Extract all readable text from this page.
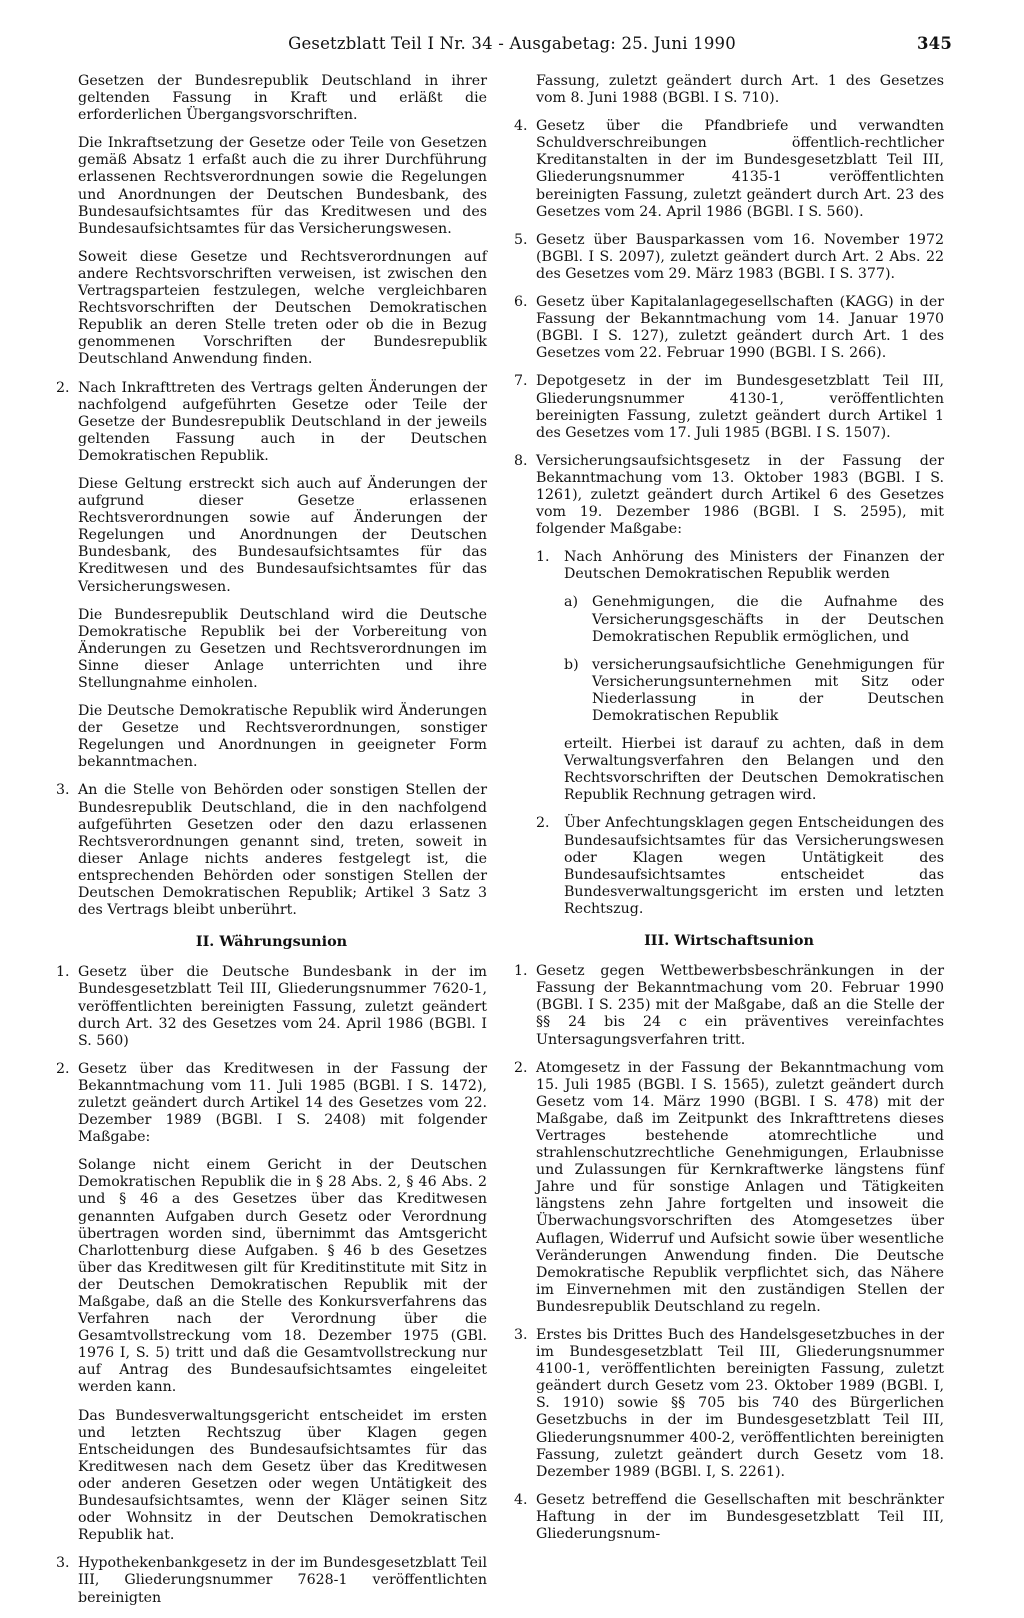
Gesetzblatt Teil I Nr. 34 - Ausgabetag: 25. Juni 1990	345

Gesetzen der Bundesrepublik Deutschland in ihrer geltenden Fassung in Kraft und erläßt die erforderlichen Übergangsvorschriften.

Die Inkraftsetzung der Gesetze oder Teile von Gesetzen gemäß Absatz 1 erfaßt auch die zu ihrer Durchführung erlassenen Rechtsverordnungen sowie die Regelungen und Anordnungen der Deutschen Bundesbank, des Bundesaufsichtsamtes für das Kreditwesen und des Bundesaufsichtsamtes für das Versicherungswesen.

Soweit diese Gesetze und Rechtsverordnungen auf andere Rechtsvorschriften verweisen, ist zwischen den Vertragsparteien festzulegen, welche vergleichbaren Rechtsvorschriften der Deutschen Demokratischen Republik an deren Stelle treten oder ob die in Bezug genommenen Vorschriften der Bundesrepublik Deutschland Anwendung finden.

2. Nach Inkrafttreten des Vertrags gelten Änderungen der nachfolgend aufgeführten Gesetze oder Teile der Gesetze der Bundesrepublik Deutschland in der jeweils geltenden Fassung auch in der Deutschen Demokratischen Republik.

Diese Geltung erstreckt sich auch auf Änderungen der aufgrund dieser Gesetze erlassenen Rechtsverordnungen sowie auf Änderungen der Regelungen und Anordnungen der Deutschen Bundesbank, des Bundesaufsichtsamtes für das Kreditwesen und des Bundesaufsichtsamtes für das Versicherungswesen.

Die Bundesrepublik Deutschland wird die Deutsche Demokratische Republik bei der Vorbereitung von Änderungen zu Gesetzen und Rechtsverordnungen im Sinne dieser Anlage unterrichten und ihre Stellungnahme einholen.

Die Deutsche Demokratische Republik wird Änderungen der Gesetze und Rechtsverordnungen, sonstiger Regelungen und Anordnungen in geeigneter Form bekanntmachen.

3. An die Stelle von Behörden oder sonstigen Stellen der Bundesrepublik Deutschland, die in den nachfolgend aufgeführten Gesetzen oder den dazu erlassenen Rechtsverordnungen genannt sind, treten, soweit in dieser Anlage nichts anderes festgelegt ist, die entsprechenden Behörden oder sonstigen Stellen der Deutschen Demokratischen Republik; Artikel 3 Satz 3 des Vertrags bleibt unberührt.

II. Währungsunion
1. Gesetz über die Deutsche Bundesbank in der im Bundesgesetzblatt Teil III, Gliederungsnummer 7620-1, veröffentlichten bereinigten Fassung, zuletzt geändert durch Art. 32 des Gesetzes vom 24. April 1986 (BGBl. I S. 560)

2. Gesetz über das Kreditwesen in der Fassung der Bekanntmachung vom 11. Juli 1985 (BGBl. I S. 1472), zuletzt geändert durch Artikel 14 des Gesetzes vom 22. Dezember 1989 (BGBl. I S. 2408) mit folgender Maßgabe:

Solange nicht einem Gericht in der Deutschen Demokratischen Republik die in § 28 Abs. 2, § 46 Abs. 2 und § 46 a des Gesetzes über das Kreditwesen genannten Aufgaben durch Gesetz oder Verordnung übertragen worden sind, übernimmt das Amtsgericht Charlottenburg diese Aufgaben. § 46 b des Gesetzes über das Kreditwesen gilt für Kreditinstitute mit Sitz in der Deutschen Demokratischen Republik mit der Maßgabe, daß an die Stelle des Konkursverfahrens das Verfahren nach der Verordnung über die Gesamtvollstreckung vom 18. Dezember 1975 (GBl. 1976 I, S. 5) tritt und daß die Gesamtvollstreckung nur auf Antrag des Bundesaufsichtsamtes eingeleitet werden kann.

Das Bundesverwaltungsgericht entscheidet im ersten und letzten Rechtszug über Klagen gegen Entscheidungen des Bundesaufsichtsamtes für das Kreditwesen nach dem Gesetz über das Kreditwesen oder anderen Gesetzen oder wegen Untätigkeit des Bundesaufsichtsamtes, wenn der Kläger seinen Sitz oder Wohnsitz in der Deutschen Demokratischen Republik hat.

3. Hypothekenbankgesetz in der im Bundesgesetzblatt Teil III, Gliederungsnummer 7628-1 veröffentlichten bereinigten

Fassung, zuletzt geändert durch Art. 1 des Gesetzes vom 8. Juni 1988 (BGBl. I S. 710).

4. Gesetz über die Pfandbriefe und verwandten Schuldverschreibungen öffentlich-rechtlicher Kreditanstalten in der im Bundesgesetzblatt Teil III, Gliederungsnummer 4135-1 veröffentlichten bereinigten Fassung, zuletzt geändert durch Art. 23 des Gesetzes vom 24. April 1986 (BGBl. I S. 560).

5. Gesetz über Bausparkassen vom 16. November 1972 (BGBl. I S. 2097), zuletzt geändert durch Art. 2 Abs. 22 des Gesetzes vom 29. März 1983 (BGBl. I S. 377).

6. Gesetz über Kapitalanlagegesellschaften (KAGG) in der Fassung der Bekanntmachung vom 14. Januar 1970 (BGBl. I S. 127), zuletzt geändert durch Art. 1 des Gesetzes vom 22. Februar 1990 (BGBl. I S. 266).

7. Depotgesetz in der im Bundesgesetzblatt Teil III, Gliederungsnummer 4130-1, veröffentlichten bereinigten Fassung, zuletzt geändert durch Artikel 1 des Gesetzes vom 17. Juli 1985 (BGBl. I S. 1507).

8. Versicherungsaufsichtsgesetz in der Fassung der Bekanntmachung vom 13. Oktober 1983 (BGBl. I S. 1261), zuletzt geändert durch Artikel 6 des Gesetzes vom 19. Dezember 1986 (BGBl. I S. 2595), mit folgender Maßgabe:

1. Nach Anhörung des Ministers der Finanzen der Deutschen Demokratischen Republik werden

a) Genehmigungen, die die Aufnahme des Versicherungsgeschäfts in der Deutschen Demokratischen Republik ermöglichen, und

b) versicherungsaufsichtliche Genehmigungen für Versicherungsunternehmen mit Sitz oder Niederlassung in der Deutschen Demokratischen Republik

erteilt. Hierbei ist darauf zu achten, daß in dem Verwaltungsverfahren den Belangen und den Rechtsvorschriften der Deutschen Demokratischen Republik Rechnung getragen wird.

2. Über Anfechtungsklagen gegen Entscheidungen des Bundesaufsichtsamtes für das Versicherungswesen oder Klagen wegen Untätigkeit des Bundesaufsichtsamtes entscheidet das Bundesverwaltungsgericht im ersten und letzten Rechtszug.

III. Wirtschaftsunion
1. Gesetz gegen Wettbewerbsbeschränkungen in der Fassung der Bekanntmachung vom 20. Februar 1990 (BGBl. I S. 235) mit der Maßgabe, daß an die Stelle der §§ 24 bis 24 c ein präventives vereinfachtes Untersagungsverfahren tritt.

2. Atomgesetz in der Fassung der Bekanntmachung vom 15. Juli 1985 (BGBl. I S. 1565), zuletzt geändert durch Gesetz vom 14. März 1990 (BGBl. I S. 478) mit der Maßgabe, daß im Zeitpunkt des Inkrafttretens dieses Vertrages bestehende atomrechtliche und strahlenschutzrechtliche Genehmigungen, Erlaubnisse und Zulassungen für Kernkraftwerke längstens fünf Jahre und für sonstige Anlagen und Tätigkeiten längstens zehn Jahre fortgelten und insoweit die Überwachungsvorschriften des Atomgesetzes über Auflagen, Widerruf und Aufsicht sowie über wesentliche Veränderungen Anwendung finden. Die Deutsche Demokratische Republik verpflichtet sich, das Nähere im Einvernehmen mit den zuständigen Stellen der Bundesrepublik Deutschland zu regeln.

3. Erstes bis Drittes Buch des Handelsgesetzbuches in der im Bundesgesetzblatt Teil III, Gliederungsnummer 4100-1, veröffentlichten bereinigten Fassung, zuletzt geändert durch Gesetz vom 23. Oktober 1989 (BGBl. I, S. 1910) sowie §§ 705 bis 740 des Bürgerlichen Gesetzbuchs in der im Bundesgesetzblatt Teil III, Gliederungsnummer 400-2, veröffentlichten bereinigten Fassung, zuletzt geändert durch Gesetz vom 18. Dezember 1989 (BGBl. I, S. 2261).

4. Gesetz betreffend die Gesellschaften mit beschränkter Haftung in der im Bundesgesetzblatt Teil III, Gliederungsnum-
